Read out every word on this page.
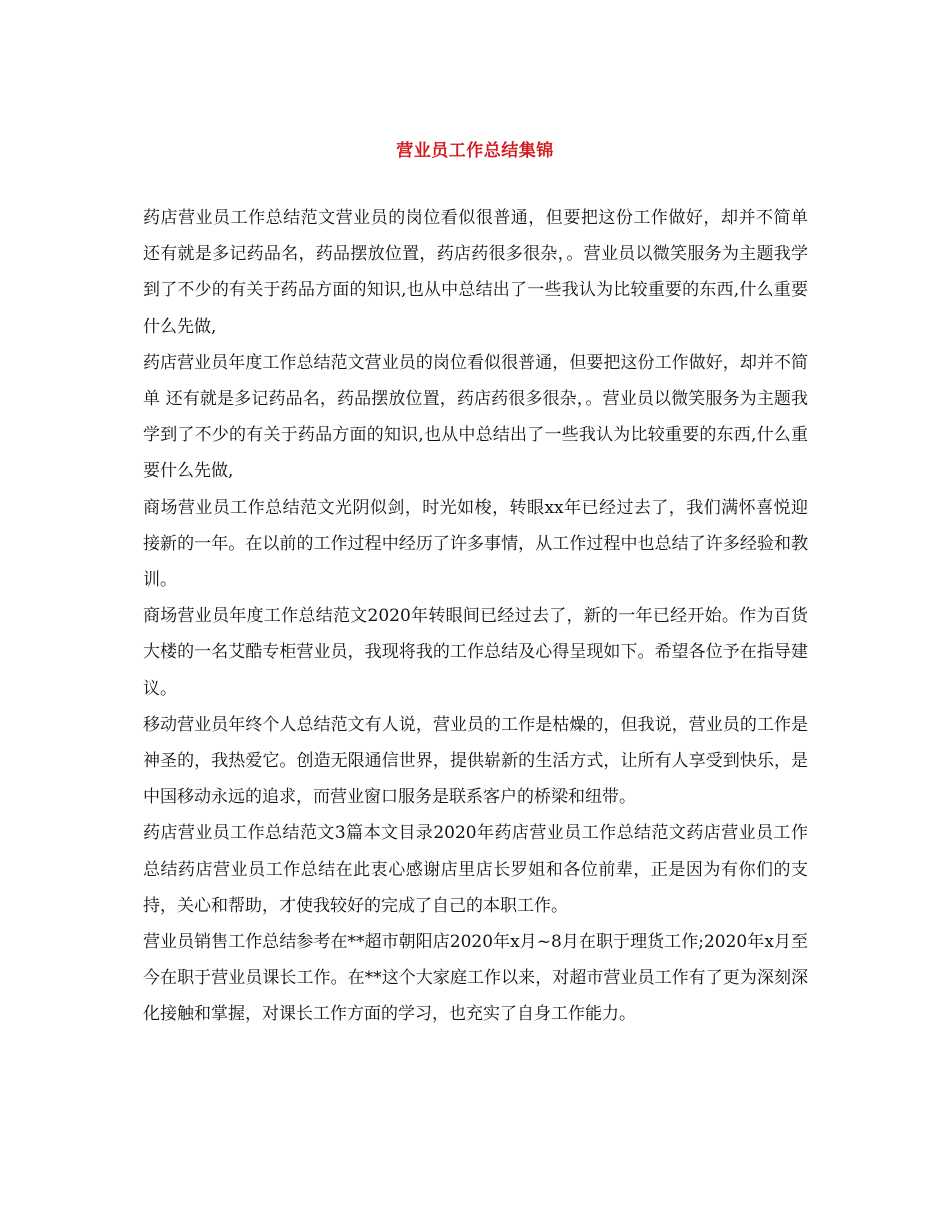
营业员工作总结集锦

药店营业员工作总结范文营业员的岗位看似很普通，但要把这份工作做好，却并不简单 还有就是多记药品名，药品摆放位置，药店药很多很杂，。营业员以微笑服务为主题我学到了不少的有关于药品方面的知识,也从中总结出了一些我认为比较重要的东西,什么重要什么先做,

药店营业员年度工作总结范文营业员的岗位看似很普通，但要把这份工作做好，却并不简单 还有就是多记药品名，药品摆放位置，药店药很多很杂，。营业员以微笑服务为主题我学到了不少的有关于药品方面的知识,也从中总结出了一些我认为比较重要的东西,什么重要什么先做,

商场营业员工作总结范文光阴似剑，时光如梭，转眼xx年已经过去了，我们满怀喜悦迎接新的一年。在以前的工作过程中经历了许多事情，从工作过程中也总结了许多经验和教训。

商场营业员年度工作总结范文2020年转眼间已经过去了，新的一年已经开始。作为百货大楼的一名艾酷专柜营业员，我现将我的工作总结及心得呈现如下。希望各位予在指导建议。

移动营业员年终个人总结范文有人说，营业员的工作是枯燥的，但我说，营业员的工作是神圣的，我热爱它。创造无限通信世界，提供崭新的生活方式，让所有人享受到快乐，是中国移动永远的追求，而营业窗口服务是联系客户的桥梁和纽带。

药店营业员工作总结范文3篇本文目录2020年药店营业员工作总结范文药店营业员工作总结药店营业员工作总结在此衷心感谢店里店长罗姐和各位前辈，正是因为有你们的支持，关心和帮助，才使我较好的完成了自己的本职工作。

营业员销售工作总结参考在**超市朝阳店2020年x月~8月在职于理货工作;2020年x月至今在职于营业员课长工作。在**这个大家庭工作以来，对超市营业员工作有了更为深刻深化接触和掌握，对课长工作方面的学习，也充实了自身工作能力。
